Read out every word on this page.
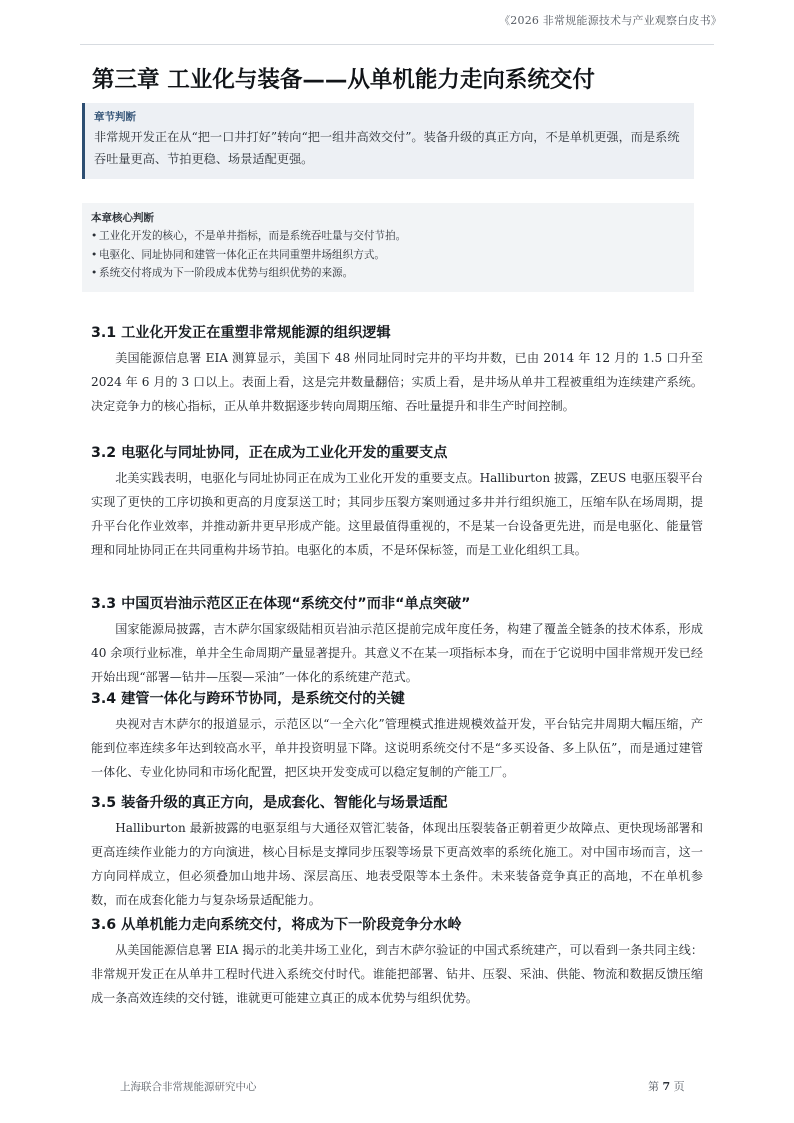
《2026 非常规能源技术与产业观察白皮书》
第三章 工业化与装备——从单机能力走向系统交付
章节判断
非常规开发正在从“把一口井打好”转向“把一组井高效交付”。装备升级的真正方向，不是单机更强，而是系统吞吐量更高、节拍更稳、场景适配更强。
本章核心判断
• 工业化开发的核心，不是单井指标，而是系统吞吐量与交付节拍。
• 电驱化、同址协同和建管一体化正在共同重塑井场组织方式。
• 系统交付将成为下一阶段成本优势与组织优势的来源。
3.1 工业化开发正在重塑非常规能源的组织逻辑

美国能源信息署 EIA 测算显示，美国下 48 州同址同时完井的平均井数，已由 2014 年 12 月的 1.5 口升至 2024 年 6 月的 3 口以上。表面上看，这是完井数量翻倍；实质上看，是井场从单井工程被重组为连续建产系统。决定竞争力的核心指标，正从单井数据逐步转向周期压缩、吞吐量提升和非生产时间控制。

3.2 电驱化与同址协同，正在成为工业化开发的重要支点

北美实践表明，电驱化与同址协同正在成为工业化开发的重要支点。Halliburton 披露，ZEUS 电驱压裂平台实现了更快的工序切换和更高的月度泵送工时；其同步压裂方案则通过多井并行组织施工，压缩车队在场周期，提升平台化作业效率，并推动新井更早形成产能。这里最值得重视的，不是某一台设备更先进，而是电驱化、能量管理和同址协同正在共同重构井场节拍。电驱化的本质，不是环保标签，而是工业化组织工具。

3.3 中国页岩油示范区正在体现“系统交付”而非“单点突破”

国家能源局披露，吉木萨尔国家级陆相页岩油示范区提前完成年度任务，构建了覆盖全链条的技术体系，形成 40 余项行业标准，单井全生命周期产量显著提升。其意义不在某一项指标本身，而在于它说明中国非常规开发已经开始出现“部署—钻井—压裂—采油”一体化的系统建产范式。

3.4 建管一体化与跨环节协同，是系统交付的关键

央视对吉木萨尔的报道显示，示范区以“一全六化”管理模式推进规模效益开发，平台钻完井周期大幅压缩，产能到位率连续多年达到较高水平，单井投资明显下降。这说明系统交付不是“多买设备、多上队伍”，而是通过建管一体化、专业化协同和市场化配置，把区块开发变成可以稳定复制的产能工厂。

3.5 装备升级的真正方向，是成套化、智能化与场景适配

Halliburton 最新披露的电驱泵组与大通径双管汇装备，体现出压裂装备正朝着更少故障点、更快现场部署和更高连续作业能力的方向演进，核心目标是支撑同步压裂等场景下更高效率的系统化施工。对中国市场而言，这一方向同样成立，但必须叠加山地井场、深层高压、地表受限等本土条件。未来装备竞争真正的高地，不在单机参数，而在成套化能力与复杂场景适配能力。

3.6 从单机能力走向系统交付，将成为下一阶段竞争分水岭

从美国能源信息署 EIA 揭示的北美井场工业化，到吉木萨尔验证的中国式系统建产，可以看到一条共同主线：非常规开发正在从单井工程时代进入系统交付时代。谁能把部署、钻井、压裂、采油、供能、物流和数据反馈压缩成一条高效连续的交付链，谁就更可能建立真正的成本优势与组织优势。

上海联合非常规能源研究中心	第 7 页
